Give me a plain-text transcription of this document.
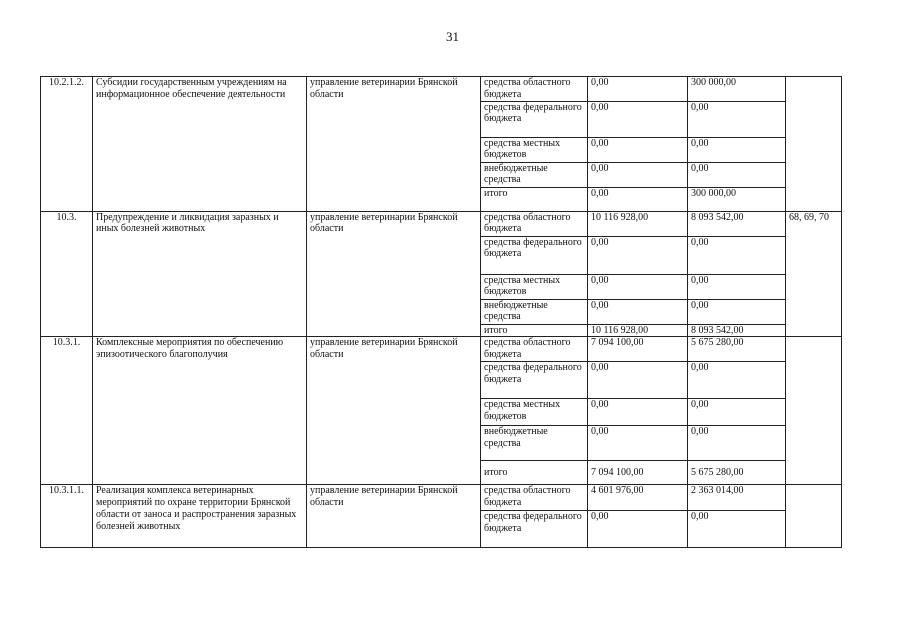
31
10.2.1.2.	Субсидии государственным учреждениям на информационное обеспечение деятельности	управление ветеринарии Брянской области	средства областного бюджета	0,00	300 000,00	
			средства федерального бюджета	0,00	0,00	
			средства местных бюджетов	0,00	0,00	
			внебюджетные средства	0,00	0,00	
			итого	0,00	300 000,00	
10.3.	Предупреждение и ликвидация заразных и иных болезней животных	управление ветеринарии Брянской области	средства областного бюджета	10 116 928,00	8 093 542,00	68, 69, 70
			средства федерального бюджета	0,00	0,00	
			средства местных бюджетов	0,00	0,00	
			внебюджетные средства	0,00	0,00	
			итого	10 116 928,00	8 093 542,00	
10.3.1.	Комплексные мероприятия по обеспечению эпизоотического благополучия	управление ветеринарии Брянской области	средства областного бюджета	7 094 100,00	5 675 280,00	
			средства федерального бюджета	0,00	0,00	
			средства местных бюджетов	0,00	0,00	
			внебюджетные средства	0,00	0,00	
			итого	7 094 100,00	5 675 280,00	
10.3.1.1.	Реализация комплекса ветеринарных мероприятий по охране территории Брянской области от заноса и распространения заразных болезней животных	управление ветеринарии Брянской области	средства областного бюджета	4 601 976,00	2 363 014,00	
			средства федерального бюджета	0,00	0,00	
